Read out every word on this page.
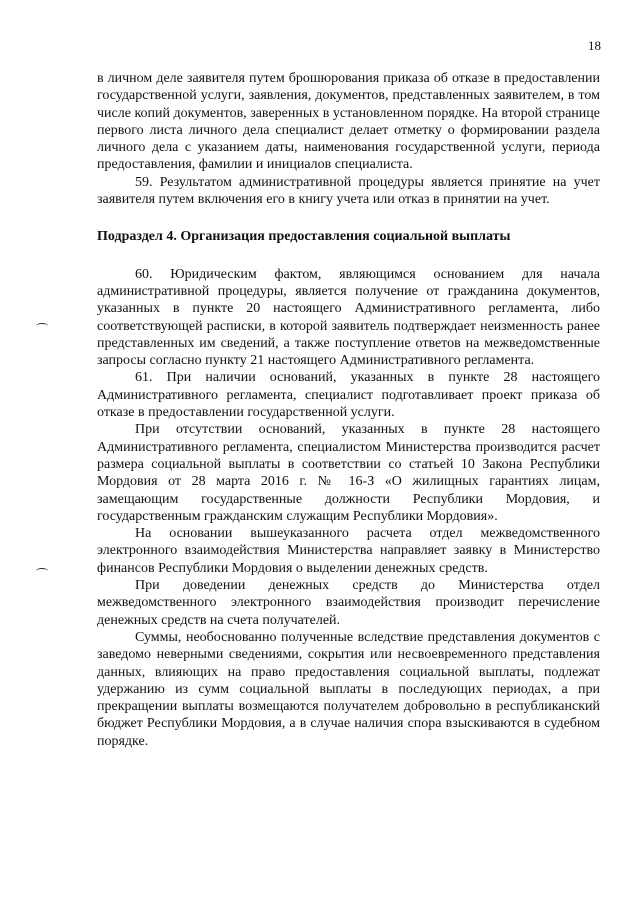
18

в личном деле заявителя путем брошюрования приказа об отказе в предоставлении государственной услуги, заявления, документов, представленных заявителем, в том числе копий документов, заверенных в установленном порядке. На второй странице первого листа личного дела специалист делает отметку о формировании раздела личного дела с указанием даты, наименования государственной услуги, периода предоставления, фамилии и инициалов специалиста.

59. Результатом административной процедуры является принятие на учет заявителя путем включения его в книгу учета или отказ в принятии на учет.

Подраздел 4. Организация предоставления социальной выплаты

60. Юридическим фактом, являющимся основанием для начала административной процедуры, является получение от гражданина документов, указанных в пункте 20 настоящего Административного регламента, либо соответствующей расписки, в которой заявитель подтверждает неизменность ранее представленных им сведений, а также поступление ответов на межведомственные запросы согласно пункту 21 настоящего Административного регламента.

61. При наличии оснований, указанных в пункте 28 настоящего Административного регламента, специалист подготавливает проект приказа об отказе в предоставлении государственной услуги.

При отсутствии оснований, указанных в пункте 28 настоящего Административного регламента, специалистом Министерства производится расчет размера социальной выплаты в соответствии со статьей 10 Закона Республики Мордовия от 28 марта 2016 г. № 16-З «О жилищных гарантиях лицам, замещающим государственные должности Республики Мордовия, и государственным гражданским служащим Республики Мордовия».

На основании вышеуказанного расчета отдел межведомственного электронного взаимодействия Министерства направляет заявку в Министерство финансов Республики Мордовия о выделении денежных средств.

При доведении денежных средств до Министерства отдел межведомственного электронного взаимодействия производит перечисление денежных средств на счета получателей.

Суммы, необоснованно полученные вследствие представления документов с заведомо неверными сведениями, сокрытия или несвоевременного представления данных, влияющих на право предоставления социальной выплаты, подлежат удержанию из сумм социальной выплаты в последующих периодах, а при прекращении выплаты возмещаются получателем добровольно в республиканский бюджет Республики Мордовия, а в случае наличия спора взыскиваются в судебном порядке.
